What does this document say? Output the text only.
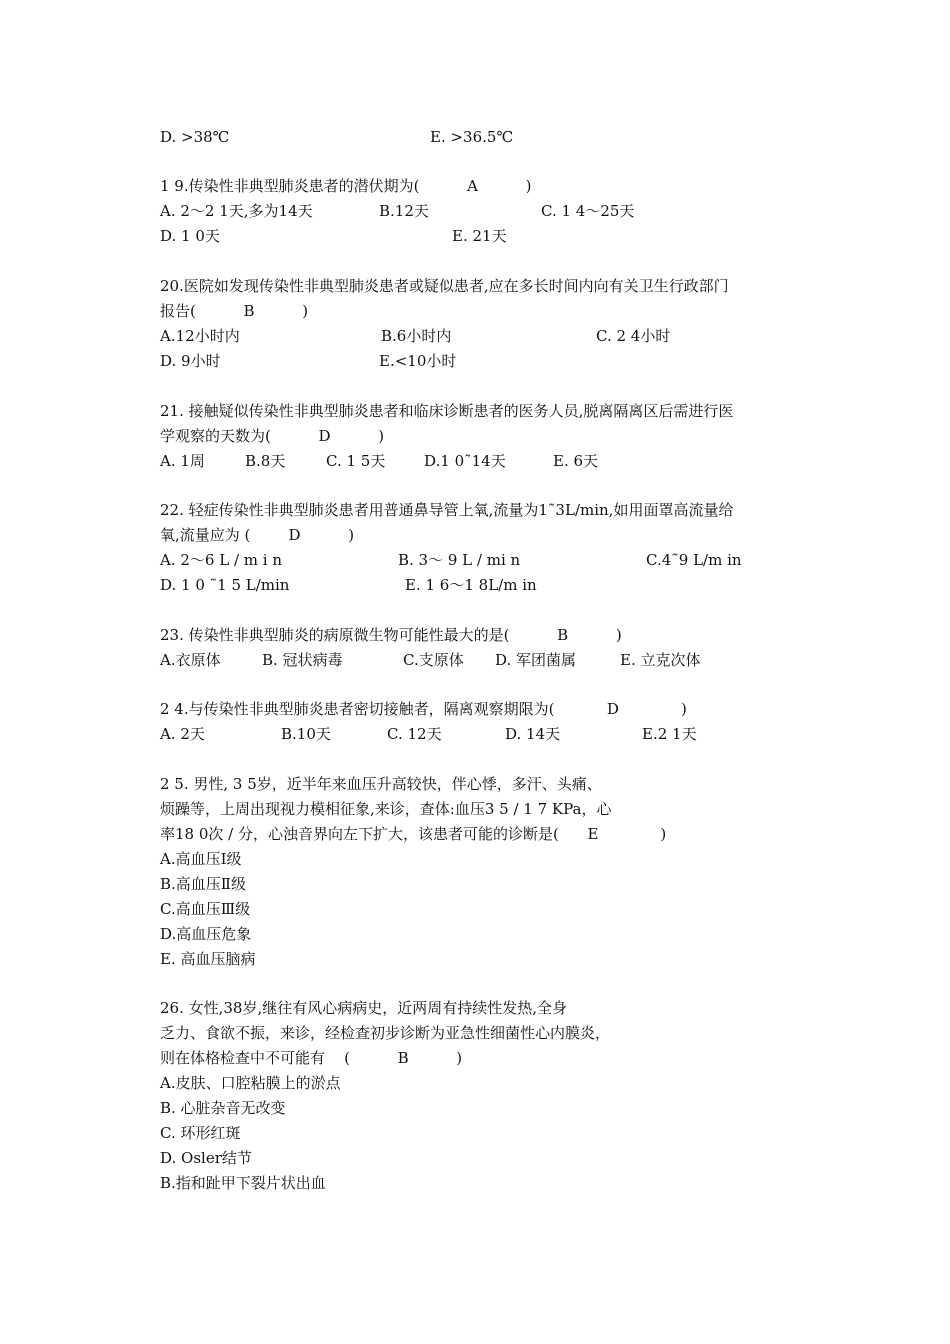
D. >38℃	E. >36.5℃
1 9.传染性非典型肺炎患者的潜伏期为(          A          )
A. 2～2 1天,多为14天	B.12天	C. 1 4～25天
D. 1 0天	E. 21天
20.医院如发现传染性非典型肺炎患者或疑似患者,应在多长时间内向有关卫生行政部门
报告(          B          )
A.12小时内	B.6小时内	C. 2 4小时
D. 9小时	E.<10小时
21. 接触疑似传染性非典型肺炎患者和临床诊断患者的医务人员,脱离隔离区后需进行医
学观察的天数为(          D          )
A. 1周	B.8天	C. 1 5天	D.1 0˜14天	E. 6天
22. 轻症传染性非典型肺炎患者用普通鼻导管上氧,流量为1˜3L/min,如用面罩高流量给
氧,流量应为 (        D          )
A. 2～6 L / m i n	B. 3～ 9 L / mi n	C.4˜9 L/m in
D. 1 0 ˜1 5 L/min	E. 1 6～1 8L/m in
23. 传染性非典型肺炎的病原微生物可能性最大的是(          B          )
A.衣原体	B. 冠状病毒	C.支原体 D. 军团菌属	E. 立克次体
2 4.与传染性非典型肺炎患者密切接触者，隔离观察期限为(           D             )
A. 2天	B.10天	C. 12天	D. 14天	E.2 1天
2 5. 男性, 3 5岁，近半年来血压升高较快，伴心悸，多汗、头痛、
烦躁等，上周出现视力模相征象,来诊，查体:血压3 5 / 1 7 KPa，心
率18 0次 / 分，心浊音界向左下扩大，该患者可能的诊断是(      E             )
A.高血压Ⅰ级
B.高血压Ⅱ级
C.高血压Ⅲ级
D.高血压危象
E. 高血压脑病
26. 女性,38岁,继往有风心病病史，近两周有持续性发热,全身
乏力、食欲不振，来诊，经检查初步诊断为亚急性细菌性心内膜炎，
则在体格检查中不可能有    (          B          )
A.皮肤、口腔粘膜上的淤点
B. 心脏杂音无改变
C. 环形红斑
D. Osler结节
B.指和趾甲下裂片状出血
